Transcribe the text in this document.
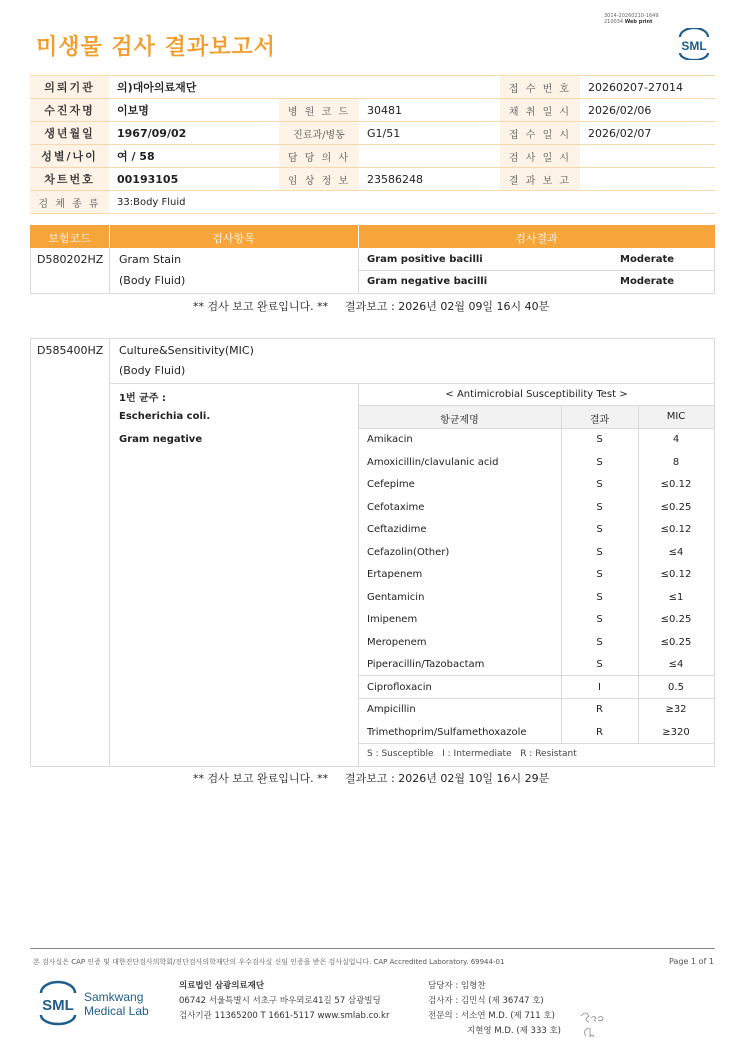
미생물 검사 결과보고서
3014-20260210-1649
210034 Web print
SML
의뢰기관	의)대아의료재단			접 수 번 호	20260207-27014
수진자명	이보명	병 원 코 드	30481	채 취 일 시	2026/02/06
생년월일	1967/09/02	진료과/병동	G1/51	접 수 일 시	2026/02/07
성별/나이	여 / 58	담 당 의 사		검 사 일 시	
차트번호	00193105	임 상 정 보	23586248	결 과 보 고	
검 체 종 류	33:Body Fluid				
보험코드	검사항목	검사결과
D580202HZ Gram Stain
(Body Fluid)
Gram positive bacilli	Moderate
Gram negative bacilli	Moderate
** 검사 보고 완료입니다. ** 결과보고 : 2026년 02월 09일 16시 40분
D585400HZ Culture&Sensitivity(MIC)
(Body Fluid)
1번 균주 :
Escherichia coli.
Gram negative
< Antimicrobial Susceptibility Test >
항균제명	결과	MIC
Amikacin	S	4
Amoxicillin/clavulanic acid	S	8
Cefepime	S	≤0.12
Cefotaxime	S	≤0.25
Ceftazidime	S	≤0.12
Cefazolin(Other)	S	≤4
Ertapenem	S	≤0.12
Gentamicin	S	≤1
Imipenem	S	≤0.25
Meropenem	S	≤0.25
Piperacillin/Tazobactam	S	≤4
Ciprofloxacin	I	0.5
Ampicillin	R	≥32
Trimethoprim/Sulfamethoxazole	R	≥320
S : Susceptible   I : Intermediate   R : Resistant
** 검사 보고 완료입니다. ** 결과보고 : 2026년 02월 10일 16시 29분
본 검사실은 CAP 인증 및 대한진단검사의학회/진단검사의학재단의 우수검사실 신임 인증을 받은 검사실입니다. CAP Accredited Laboratory. 69944-01	Page 1 of 1
SML Samkwang
Medical Lab
의료법인 삼광의료재단
06742 서울특별시 서초구 바우뫼로41길 57 삼광빌딩
검사기관 11365200 T 1661-5117 www.smlab.co.kr
담당자 : 임형찬
검사자 : 김민식 (제 36747 호)
전문의 : 서소연 M.D. (제 711 호)
지현영 M.D. (제 333 호)
